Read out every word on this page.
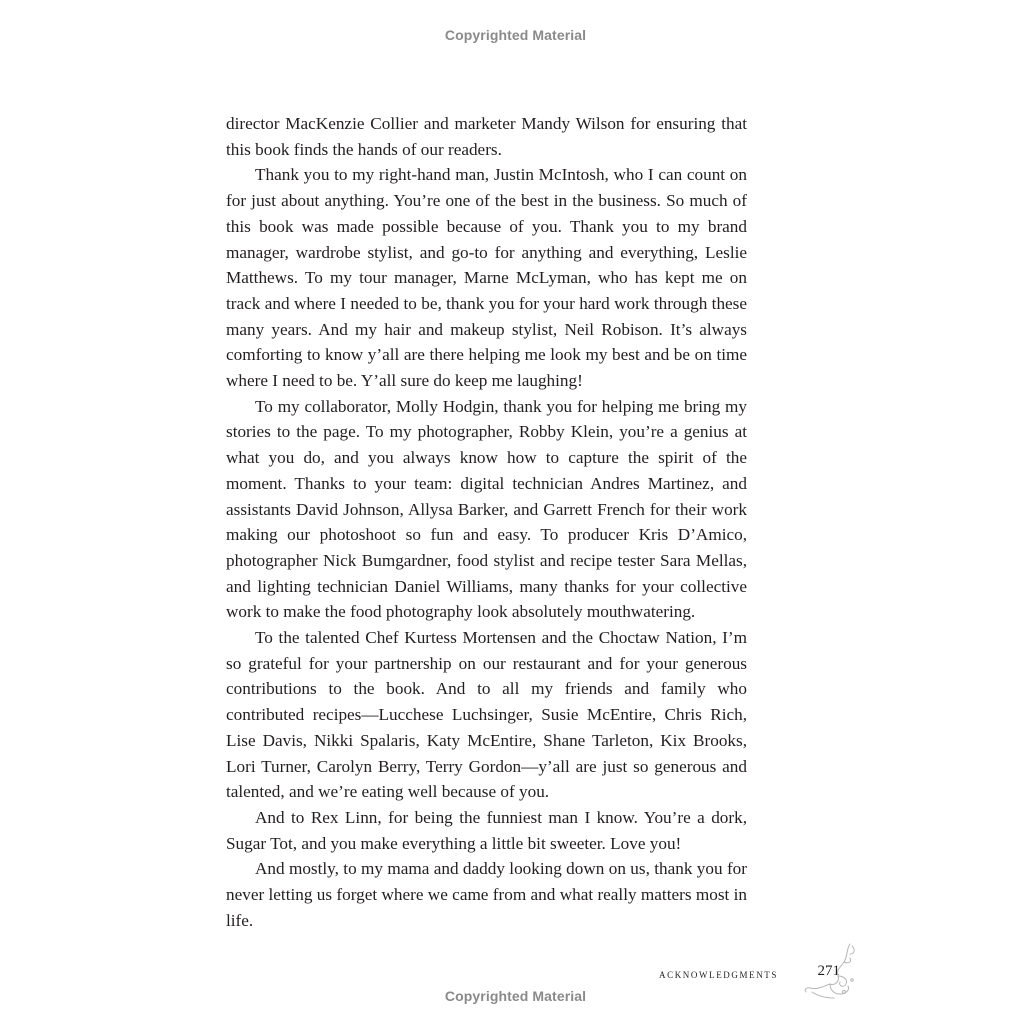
Copyrighted Material

director MacKenzie Collier and marketer Mandy Wilson for ensuring that this book finds the hands of our readers.

Thank you to my right-hand man, Justin McIntosh, who I can count on for just about anything. You’re one of the best in the business. So much of this book was made possible because of you. Thank you to my brand manager, wardrobe stylist, and go-to for anything and everything, Leslie Matthews. To my tour manager, Marne McLyman, who has kept me on track and where I needed to be, thank you for your hard work through these many years. And my hair and makeup stylist, Neil Robison. It’s always comforting to know y’all are there helping me look my best and be on time where I need to be. Y’all sure do keep me laughing!

To my collaborator, Molly Hodgin, thank you for helping me bring my stories to the page. To my photographer, Robby Klein, you’re a genius at what you do, and you always know how to capture the spirit of the moment. Thanks to your team: digital technician Andres Martinez, and assistants David Johnson, Allysa Barker, and Garrett French for their work making our photoshoot so fun and easy. To producer Kris D’Amico, photographer Nick Bumgardner, food stylist and recipe tester Sara Mellas, and lighting technician Daniel Williams, many thanks for your collective work to make the food photography look absolutely mouthwatering.

To the talented Chef Kurtess Mortensen and the Choctaw Nation, I’m so grateful for your partnership on our restaurant and for your generous contributions to the book. And to all my friends and family who contributed recipes—Lucchese Luchsinger, Susie McEntire, Chris Rich, Lise Davis, Nikki Spalaris, Katy McEntire, Shane Tarleton, Kix Brooks, Lori Turner, Carolyn Berry, Terry Gordon—y’all are just so generous and talented, and we’re eating well because of you.

And to Rex Linn, for being the funniest man I know. You’re a dork, Sugar Tot, and you make everything a little bit sweeter. Love you!

And mostly, to my mama and daddy looking down on us, thank you for never letting us forget where we came from and what really matters most in life.

acknowledgments	271
Copyrighted Material
